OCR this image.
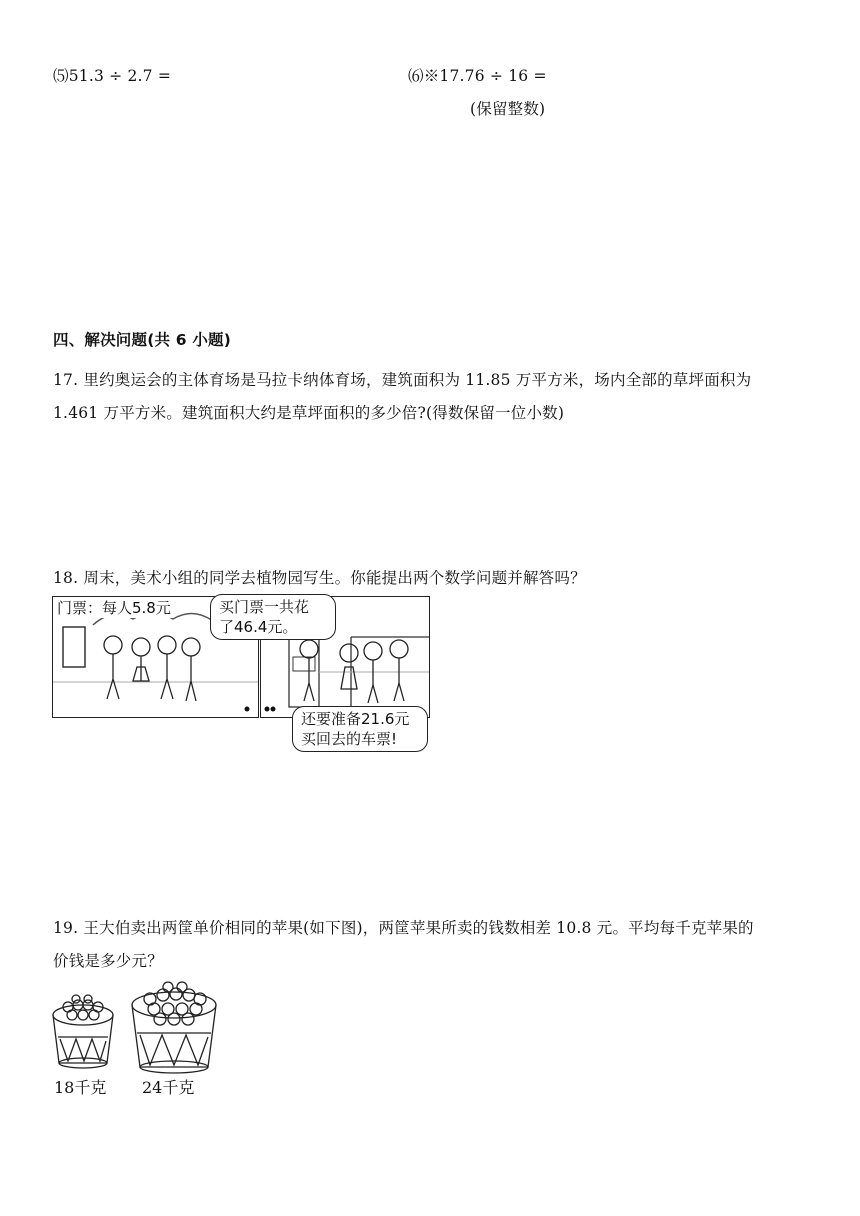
⑸51.3 ÷ 2.7 =	⑹※17.76 ÷ 16 =
(保留整数)
四、解决问题(共 6 小题)
17. 里约奥运会的主体育场是马拉卡纳体育场，建筑面积为 11.85 万平方米，场内全部的草坪面积为
1.461 万平方米。建筑面积大约是草坪面积的多少倍?(得数保留一位小数)
18. 周末，美术小组的同学去植物园写生。你能提出两个数学问题并解答吗？
门票：每人5.8元	买门票一共花
了46.4元。
还要准备21.6元
买回去的车票!
19. 王大伯卖出两筐单价相同的苹果(如下图)，两筐苹果所卖的钱数相差 10.8 元。平均每千克苹果的
价钱是多少元？
18千克 24千克
